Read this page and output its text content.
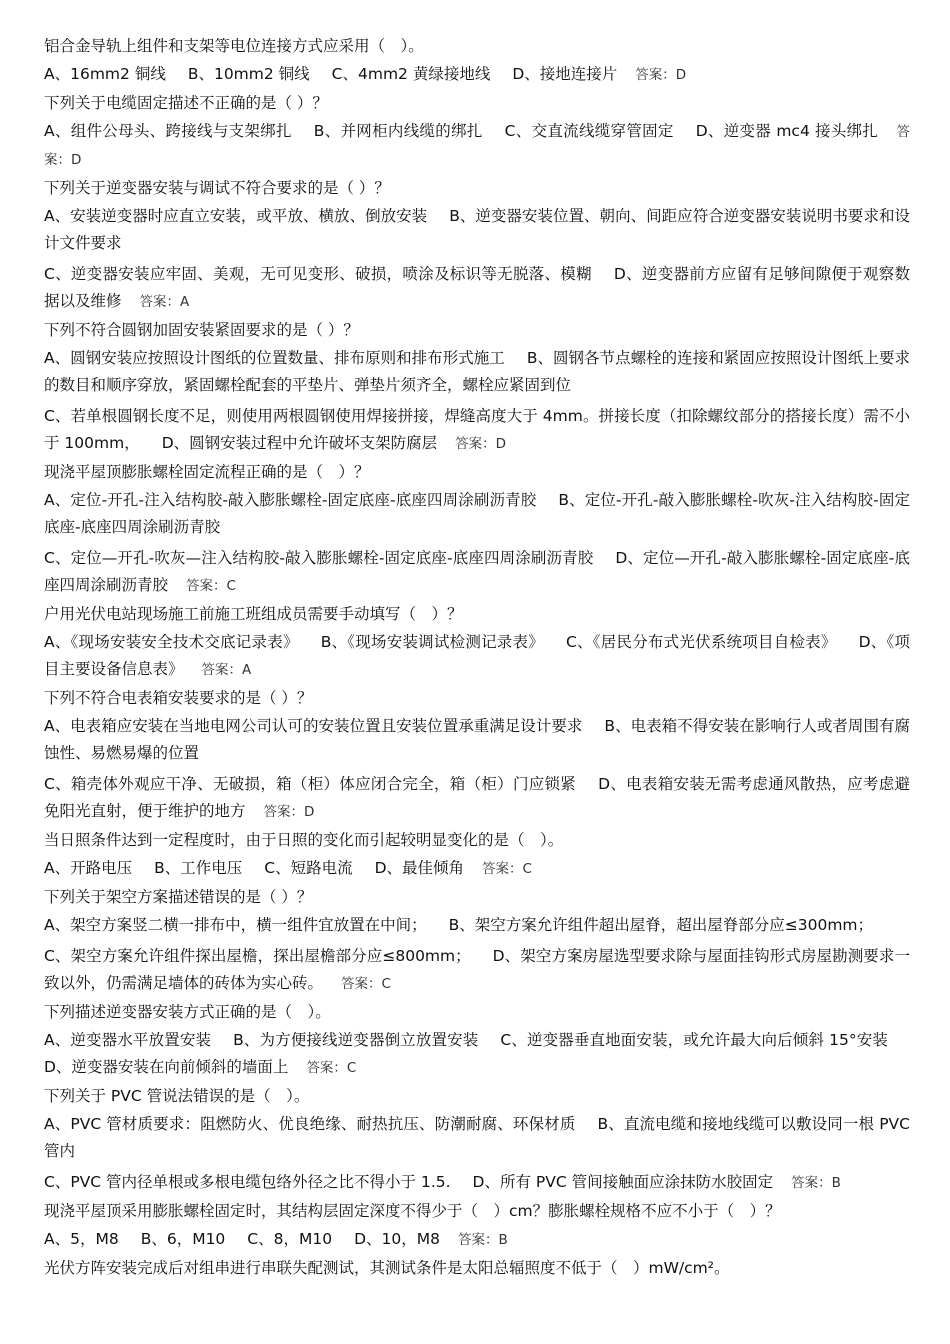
铝合金导轨上组件和支架等电位连接方式应采用（　）。

A、16mm2 铜线 B、10mm2 铜线 C、4mm2 黄绿接地线 D、接地连接片 答案：D

下列关于电缆固定描述不正确的是（ ）？

A、组件公母头、跨接线与支架绑扎 B、并网柜内线缆的绑扎 C、交直流线缆穿管固定 D、逆变器 mc4 接头绑扎 答案：D

下列关于逆变器安装与调试不符合要求的是（ ）？

A、安装逆变器时应直立安装，或平放、横放、倒放安装 B、逆变器安装位置、朝向、间距应符合逆变器安装说明书要求和设计文件要求

C、逆变器安装应牢固、美观，无可见变形、破损，喷涂及标识等无脱落、模糊 D、逆变器前方应留有足够间隙便于观察数据以及维修 答案：A

下列不符合圆钢加固安装紧固要求的是（ ）？

A、圆钢安装应按照设计图纸的位置数量、排布原则和排布形式施工 B、圆钢各节点螺栓的连接和紧固应按照设计图纸上要求的数目和顺序穿放，紧固螺栓配套的平垫片、弹垫片须齐全，螺栓应紧固到位

C、若单根圆钢长度不足，则使用两根圆钢使用焊接拼接，焊缝高度大于 4mm。拼接长度（扣除螺纹部分的搭接长度）需不小于 100mm， D、圆钢安装过程中允许破坏支架防腐层 答案：D

现浇平屋顶膨胀螺栓固定流程正确的是（　）？

A、定位-开孔-注入结构胶-敲入膨胀螺栓-固定底座-底座四周涂刷沥青胶 B、定位-开孔-敲入膨胀螺栓-吹灰-注入结构胶-固定底座-底座四周涂刷沥青胶

C、定位—开孔-吹灰—注入结构胶-敲入膨胀螺栓-固定底座-底座四周涂刷沥青胶 D、定位—开孔-敲入膨胀螺栓-固定底座-底座四周涂刷沥青胶 答案：C

户用光伏电站现场施工前施工班组成员需要手动填写（　）？

A、《现场安装安全技术交底记录表》 B、《现场安装调试检测记录表》 C、《居民分布式光伏系统项目自检表》 D、《项目主要设备信息表》 答案：A

下列不符合电表箱安装要求的是（ ）？

A、电表箱应安装在当地电网公司认可的安装位置且安装位置承重满足设计要求 B、电表箱不得安装在影响行人或者周围有腐蚀性、易燃易爆的位置

C、箱壳体外观应干净、无破损，箱（柜）体应闭合完全，箱（柜）门应锁紧 D、电表箱安装无需考虑通风散热，应考虑避免阳光直射，便于维护的地方 答案：D

当日照条件达到一定程度时，由于日照的变化而引起较明显变化的是（　）。

A、开路电压 B、工作电压 C、短路电流 D、最佳倾角 答案：C

下列关于架空方案描述错误的是（ ）？

A、架空方案竖二横一排布中，横一组件宜放置在中间； B、架空方案允许组件超出屋脊，超出屋脊部分应≤300mm；

C、架空方案允许组件探出屋檐，探出屋檐部分应≤800mm； D、架空方案房屋选型要求除与屋面挂钩形式房屋勘测要求一致以外，仍需满足墙体的砖体为实心砖。 答案：C

下列描述逆变器安装方式正确的是（　）。

A、逆变器水平放置安装 B、为方便接线逆变器倒立放置安装 C、逆变器垂直地面安装，或允许最大向后倾斜 15°安装D、逆变器安装在向前倾斜的墙面上 答案：C

下列关于 PVC 管说法错误的是（　）。

A、PVC 管材质要求：阻燃防火、优良绝缘、耐热抗压、防潮耐腐、环保材质 B、直流电缆和接地线缆可以敷设同一根 PVC 管内

C、PVC 管内径单根或多根电缆包络外径之比不得小于 1.5. D、所有 PVC 管间接触面应涂抹防水胶固定 答案：B

现浇平屋顶采用膨胀螺栓固定时，其结构层固定深度不得少于（　）cm？膨胀螺栓规格不应不小于（　）？

A、5，M8 B、6，M10 C、8，M10 D、10，M8 答案：B

光伏方阵安装完成后对组串进行串联失配测试，其测试条件是太阳总辐照度不低于（　）mW/cm²。
